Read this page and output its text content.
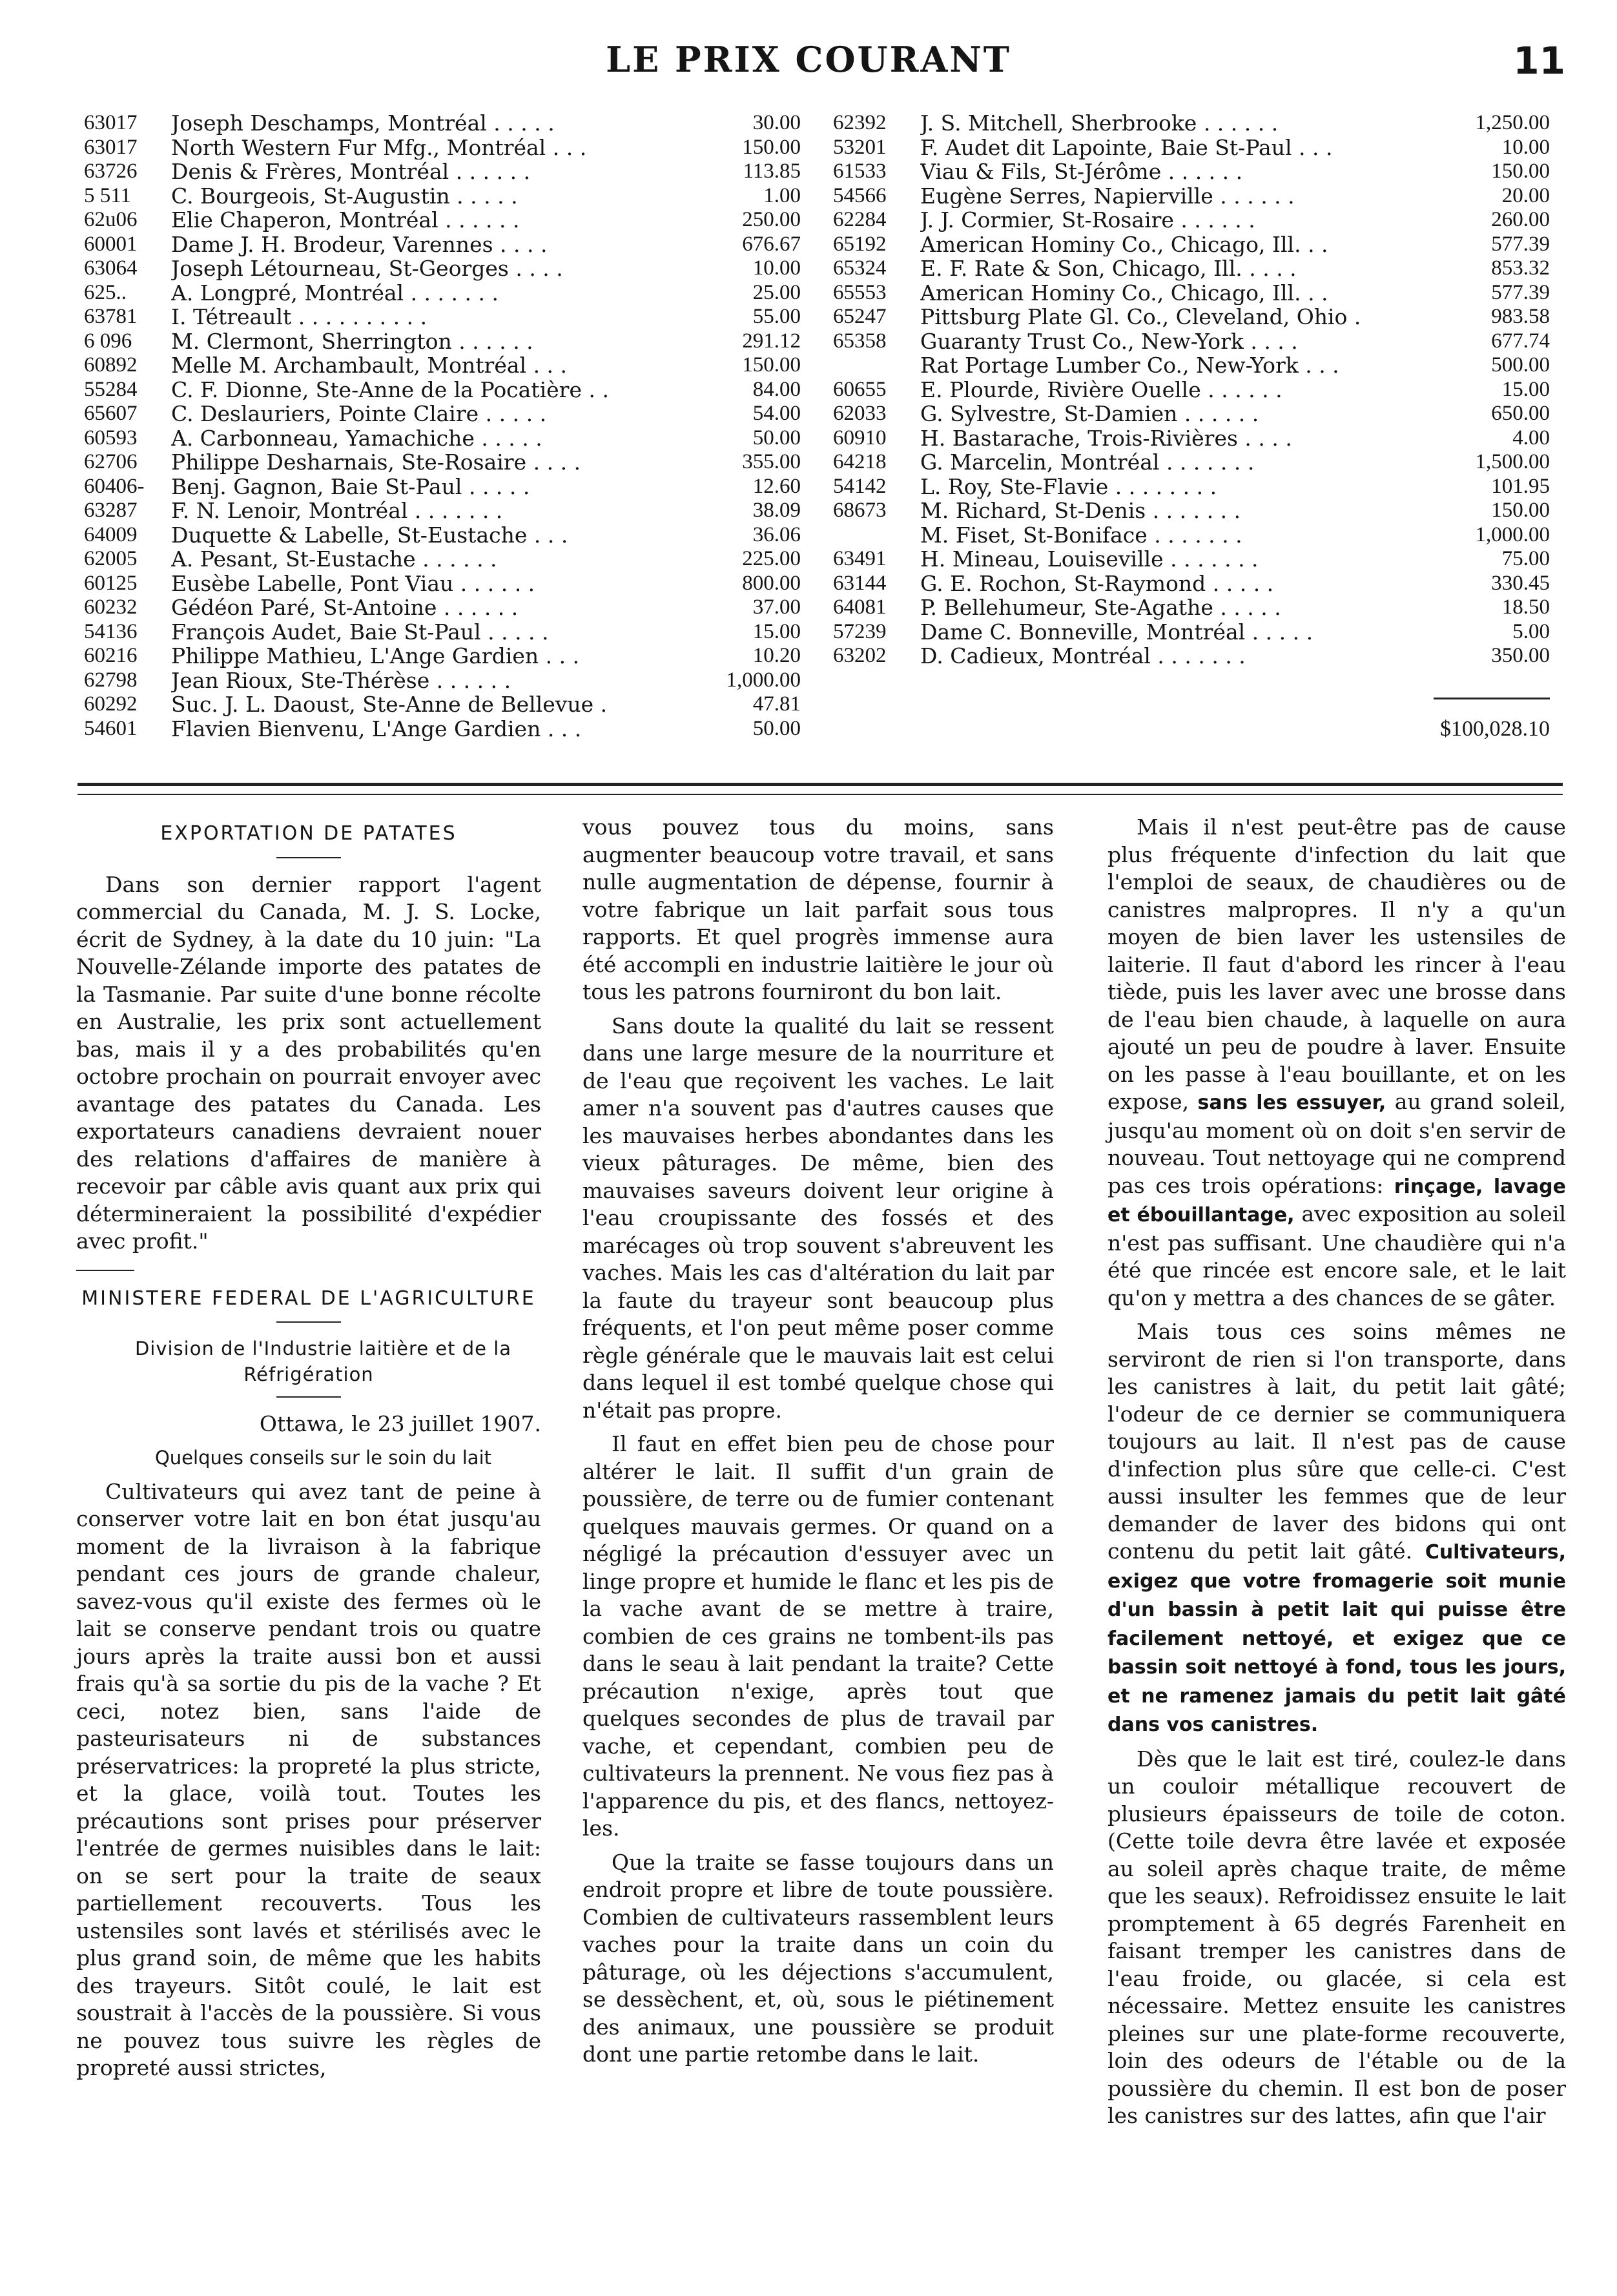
LE PRIX COURANT	11
63017 Joseph Deschamps, Montréal . . . . .	30.00
63017 North Western Fur Mfg., Montréal . . .	150.00
63726 Denis & Frères, Montréal . . . . . .	113.85
5 511 C. Bourgeois, St-Augustin . . . . .	1.00
62u06 Elie Chaperon, Montréal . . . . . .	250.00
60001 Dame J. H. Brodeur, Varennes . . . .	676.67
63064 Joseph Létourneau, St-Georges . . . .	10.00
625.. A. Longpré, Montréal . . . . . . .	25.00
63781 I. Tétreault . . . . . . . . . .	55.00
6 096 M. Clermont, Sherrington . . . . . .	291.12
60892 Melle M. Archambault, Montréal . . .	150.00
55284 C. F. Dionne, Ste-Anne de la Pocatière . .	84.00
65607 C. Deslauriers, Pointe Claire . . . . .	54.00
60593 A. Carbonneau, Yamachiche . . . . .	50.00
62706 Philippe Desharnais, Ste-Rosaire . . . .	355.00
60406- Benj. Gagnon, Baie St-Paul . . . . .	12.60
63287 F. N. Lenoir, Montréal . . . . . . .	38.09
64009 Duquette & Labelle, St-Eustache . . .	36.06
62005 A. Pesant, St-Eustache . . . . . .	225.00
60125 Eusèbe Labelle, Pont Viau . . . . . .	800.00
60232 Gédéon Paré, St-Antoine . . . . . .	37.00
54136 François Audet, Baie St-Paul . . . . .	15.00
60216 Philippe Mathieu, L'Ange Gardien . . .	10.20
62798 Jean Rioux, Ste-Thérèse . . . . . .	1,000.00
60292 Suc. J. L. Daoust, Ste-Anne de Bellevue .	47.81
54601 Flavien Bienvenu, L'Ange Gardien . . .	50.00
62392 J. S. Mitchell, Sherbrooke . . . . . .	1,250.00
53201 F. Audet dit Lapointe, Baie St-Paul . . .	10.00
61533 Viau & Fils, St-Jérôme . . . . . .	150.00
54566 Eugène Serres, Napierville . . . . . .	20.00
62284 J. J. Cormier, St-Rosaire . . . . . .	260.00
65192 American Hominy Co., Chicago, Ill. . .	577.39
65324 E. F. Rate & Son, Chicago, Ill. . . . .	853.32
65553 American Hominy Co., Chicago, Ill. . .	577.39
65247 Pittsburg Plate Gl. Co., Cleveland, Ohio .	983.58
65358 Guaranty Trust Co., New-York . . . .	677.74
Rat Portage Lumber Co., New-York . . .	500.00
60655 E. Plourde, Rivière Ouelle . . . . . .	15.00
62033 G. Sylvestre, St-Damien . . . . . .	650.00
60910 H. Bastarache, Trois-Rivières . . . .	4.00
64218 G. Marcelin, Montréal . . . . . . .	1,500.00
54142 L. Roy, Ste-Flavie . . . . . . . .	101.95
68673 M. Richard, St-Denis . . . . . . .	150.00
M. Fiset, St-Boniface . . . . . . .	1,000.00
63491 H. Mineau, Louiseville . . . . . . .	75.00
63144 G. E. Rochon, St-Raymond . . . . .	330.45
64081 P. Bellehumeur, Ste-Agathe . . . . .	18.50
57239 Dame C. Bonneville, Montréal . . . . .	5.00
63202 D. Cadieux, Montréal . . . . . . .	350.00
$100,028.10
EXPORTATION DE PATATES

Dans son dernier rapport l'agent commercial du Canada, M. J. S. Locke, écrit de Sydney, à la date du 10 juin: "La Nouvelle-Zélande importe des patates de la Tasmanie. Par suite d'une bonne récolte en Australie, les prix sont actuellement bas, mais il y a des probabilités qu'en octobre prochain on pourrait envoyer avec avantage des patates du Canada. Les exportateurs canadiens devraient nouer des relations d'affaires de manière à recevoir par câble avis quant aux prix qui détermineraient la possibilité d'expédier avec profit."

MINISTERE FEDERAL DE L'AGRICULTURE

Division de l'Industrie laitière et de la Réfrigération

Ottawa, le 23 juillet 1907.

Quelques conseils sur le soin du lait

Cultivateurs qui avez tant de peine à conserver votre lait en bon état jusqu'au moment de la livraison à la fabrique pendant ces jours de grande chaleur, savez-vous qu'il existe des fermes où le lait se conserve pendant trois ou quatre jours après la traite aussi bon et aussi frais qu'à sa sortie du pis de la vache ? Et ceci, notez bien, sans l'aide de pasteurisateurs ni de substances préservatrices: la propreté la plus stricte, et la glace, voilà tout. Toutes les précautions sont prises pour préserver l'entrée de germes nuisibles dans le lait: on se sert pour la traite de seaux partiellement recouverts. Tous les ustensiles sont lavés et stérilisés avec le plus grand soin, de même que les habits des trayeurs. Sitôt coulé, le lait est soustrait à l'accès de la poussière. Si vous ne pouvez tous suivre les règles de propreté aussi strictes,

vous pouvez tous du moins, sans augmenter beaucoup votre travail, et sans nulle augmentation de dépense, fournir à votre fabrique un lait parfait sous tous rapports. Et quel progrès immense aura été accompli en industrie laitière le jour où tous les patrons fourniront du bon lait.

Sans doute la qualité du lait se ressent dans une large mesure de la nourriture et de l'eau que reçoivent les vaches. Le lait amer n'a souvent pas d'autres causes que les mauvaises herbes abondantes dans les vieux pâturages. De même, bien des mauvaises saveurs doivent leur origine à l'eau croupissante des fossés et des marécages où trop souvent s'abreuvent les vaches. Mais les cas d'altération du lait par la faute du trayeur sont beaucoup plus fréquents, et l'on peut même poser comme règle générale que le mauvais lait est celui dans lequel il est tombé quelque chose qui n'était pas propre.

Il faut en effet bien peu de chose pour altérer le lait. Il suffit d'un grain de poussière, de terre ou de fumier contenant quelques mauvais germes. Or quand on a négligé la précaution d'essuyer avec un linge propre et humide le flanc et les pis de la vache avant de se mettre à traire, combien de ces grains ne tombent-ils pas dans le seau à lait pendant la traite? Cette précaution n'exige, après tout que quelques secondes de plus de travail par vache, et cependant, combien peu de cultivateurs la prennent. Ne vous fiez pas à l'apparence du pis, et des flancs, nettoyez-les.

Que la traite se fasse toujours dans un endroit propre et libre de toute poussière. Combien de cultivateurs rassemblent leurs vaches pour la traite dans un coin du pâturage, où les déjections s'accumulent, se dessèchent, et, où, sous le piétinement des animaux, une poussière se produit dont une partie retombe dans le lait.

Mais il n'est peut-être pas de cause plus fréquente d'infection du lait que l'emploi de seaux, de chaudières ou de canistres malpropres. Il n'y a qu'un moyen de bien laver les ustensiles de laiterie. Il faut d'abord les rincer à l'eau tiède, puis les laver avec une brosse dans de l'eau bien chaude, à laquelle on aura ajouté un peu de poudre à laver. Ensuite on les passe à l'eau bouillante, et on les expose, sans les essuyer, au grand soleil, jusqu'au moment où on doit s'en servir de nouveau. Tout nettoyage qui ne comprend pas ces trois opérations: rinçage, lavage et ébouillantage, avec exposition au soleil n'est pas suffisant. Une chaudière qui n'a été que rincée est encore sale, et le lait qu'on y mettra a des chances de se gâter.

Mais tous ces soins mêmes ne serviront de rien si l'on transporte, dans les canistres à lait, du petit lait gâté; l'odeur de ce dernier se communiquera toujours au lait. Il n'est pas de cause d'infection plus sûre que celle-ci. C'est aussi insulter les femmes que de leur demander de laver des bidons qui ont contenu du petit lait gâté. Cultivateurs, exigez que votre fromagerie soit munie d'un bassin à petit lait qui puisse être facilement nettoyé, et exigez que ce bassin soit nettoyé à fond, tous les jours, et ne ramenez jamais du petit lait gâté dans vos canistres.

Dès que le lait est tiré, coulez-le dans un couloir métallique recouvert de plusieurs épaisseurs de toile de coton. (Cette toile devra être lavée et exposée au soleil après chaque traite, de même que les seaux). Refroidissez ensuite le lait promptement à 65 degrés Farenheit en faisant tremper les canistres dans de l'eau froide, ou glacée, si cela est nécessaire. Mettez ensuite les canistres pleines sur une plate-forme recouverte, loin des odeurs de l'étable ou de la poussière du chemin. Il est bon de poser les canistres sur des lattes, afin que l'air
